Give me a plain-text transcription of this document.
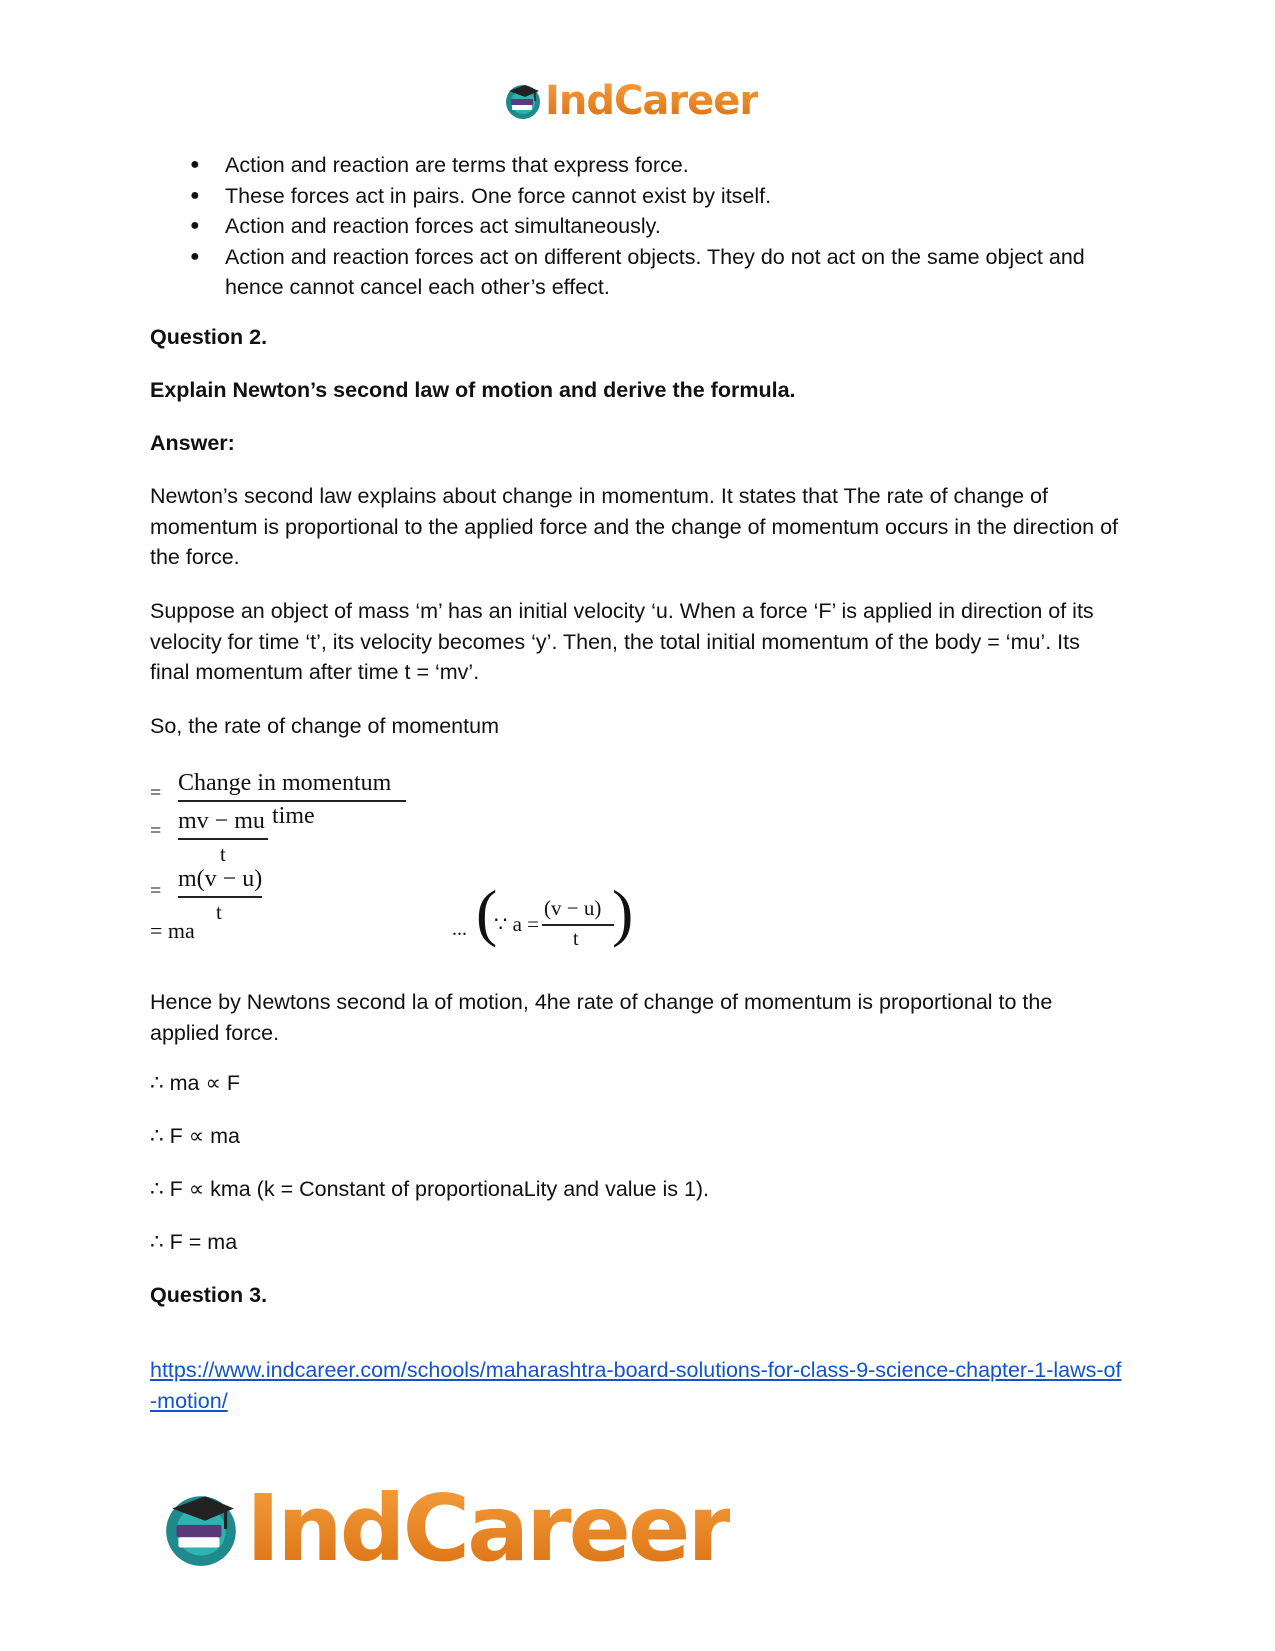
IndCareer
● Action and reaction are terms that express force.
● These forces act in pairs. One force cannot exist by itself.
● Action and reaction forces act simultaneously.
● Action and reaction forces act on different objects. They do not act on the same object and hence cannot cancel each other’s effect.

Question 2.

Explain Newton’s second law of motion and derive the formula.

Answer:

Newton’s second law explains about change in momentum. It states that The rate of change of momentum is proportional to the applied force and the change of momentum occurs in the direction of the force.

Suppose an object of mass ‘m’ has an initial velocity ‘u. When a force ‘F’ is applied in direction of its velocity for time ‘t’, its velocity becomes ‘y’. Then, the total initial momentum of the body = ‘mu’. Its final momentum after time t = ‘mv’.

So, the rate of change of momentum

= Change in momentum
= mv − mu time
t
= m(v − u)
t
= ma	... (
∵ a =
(v − u)
t )

Hence by Newtons second la of motion, 4he rate of change of momentum is proportional to the applied force.

∴ ma ∝ F

∴ F ∝ ma

∴ F ∝ kma (k = Constant of proportionaLity and value is 1).

∴ F = ma

Question 3.

https://www.indcareer.com/schools/maharashtra-board-solutions-for-class-9-science-chapter-1-laws-of-motion/

IndCareer
